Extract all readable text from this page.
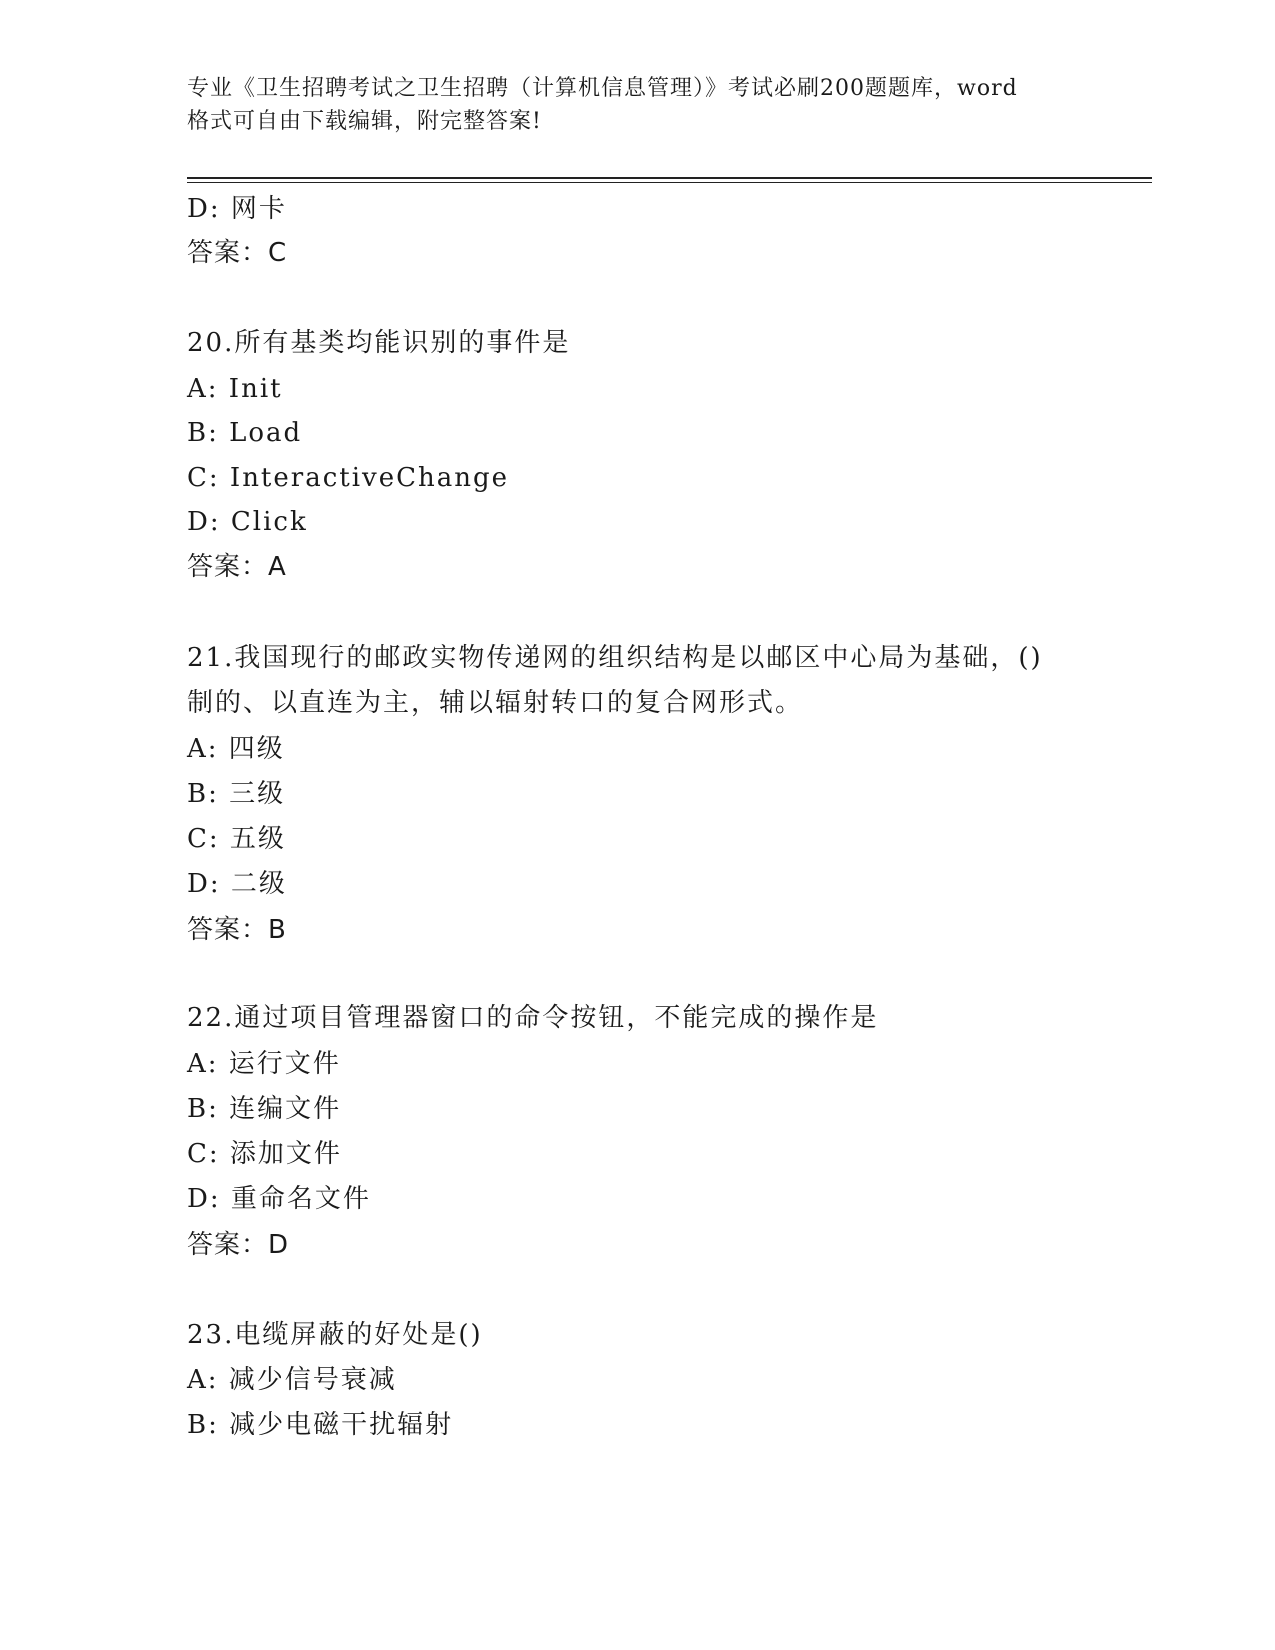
专业《卫生招聘考试之卫生招聘（计算机信息管理）》考试必刷200题题库，word
格式可自由下载编辑，附完整答案!
D: 网卡
答案：C
20.所有基类均能识别的事件是
A: Init
B: Load
C: InteractiveChange
D: Click
答案：A
21.我国现行的邮政实物传递网的组织结构是以邮区中心局为基础，()
制的、以直连为主，辅以辐射转口的复合网形式。
A: 四级
B: 三级
C: 五级
D: 二级
答案：B
22.通过项目管理器窗口的命令按钮，不能完成的操作是
A: 运行文件
B: 连编文件
C: 添加文件
D: 重命名文件
答案：D
23.电缆屏蔽的好处是()
A: 减少信号衰减
B: 减少电磁干扰辐射
